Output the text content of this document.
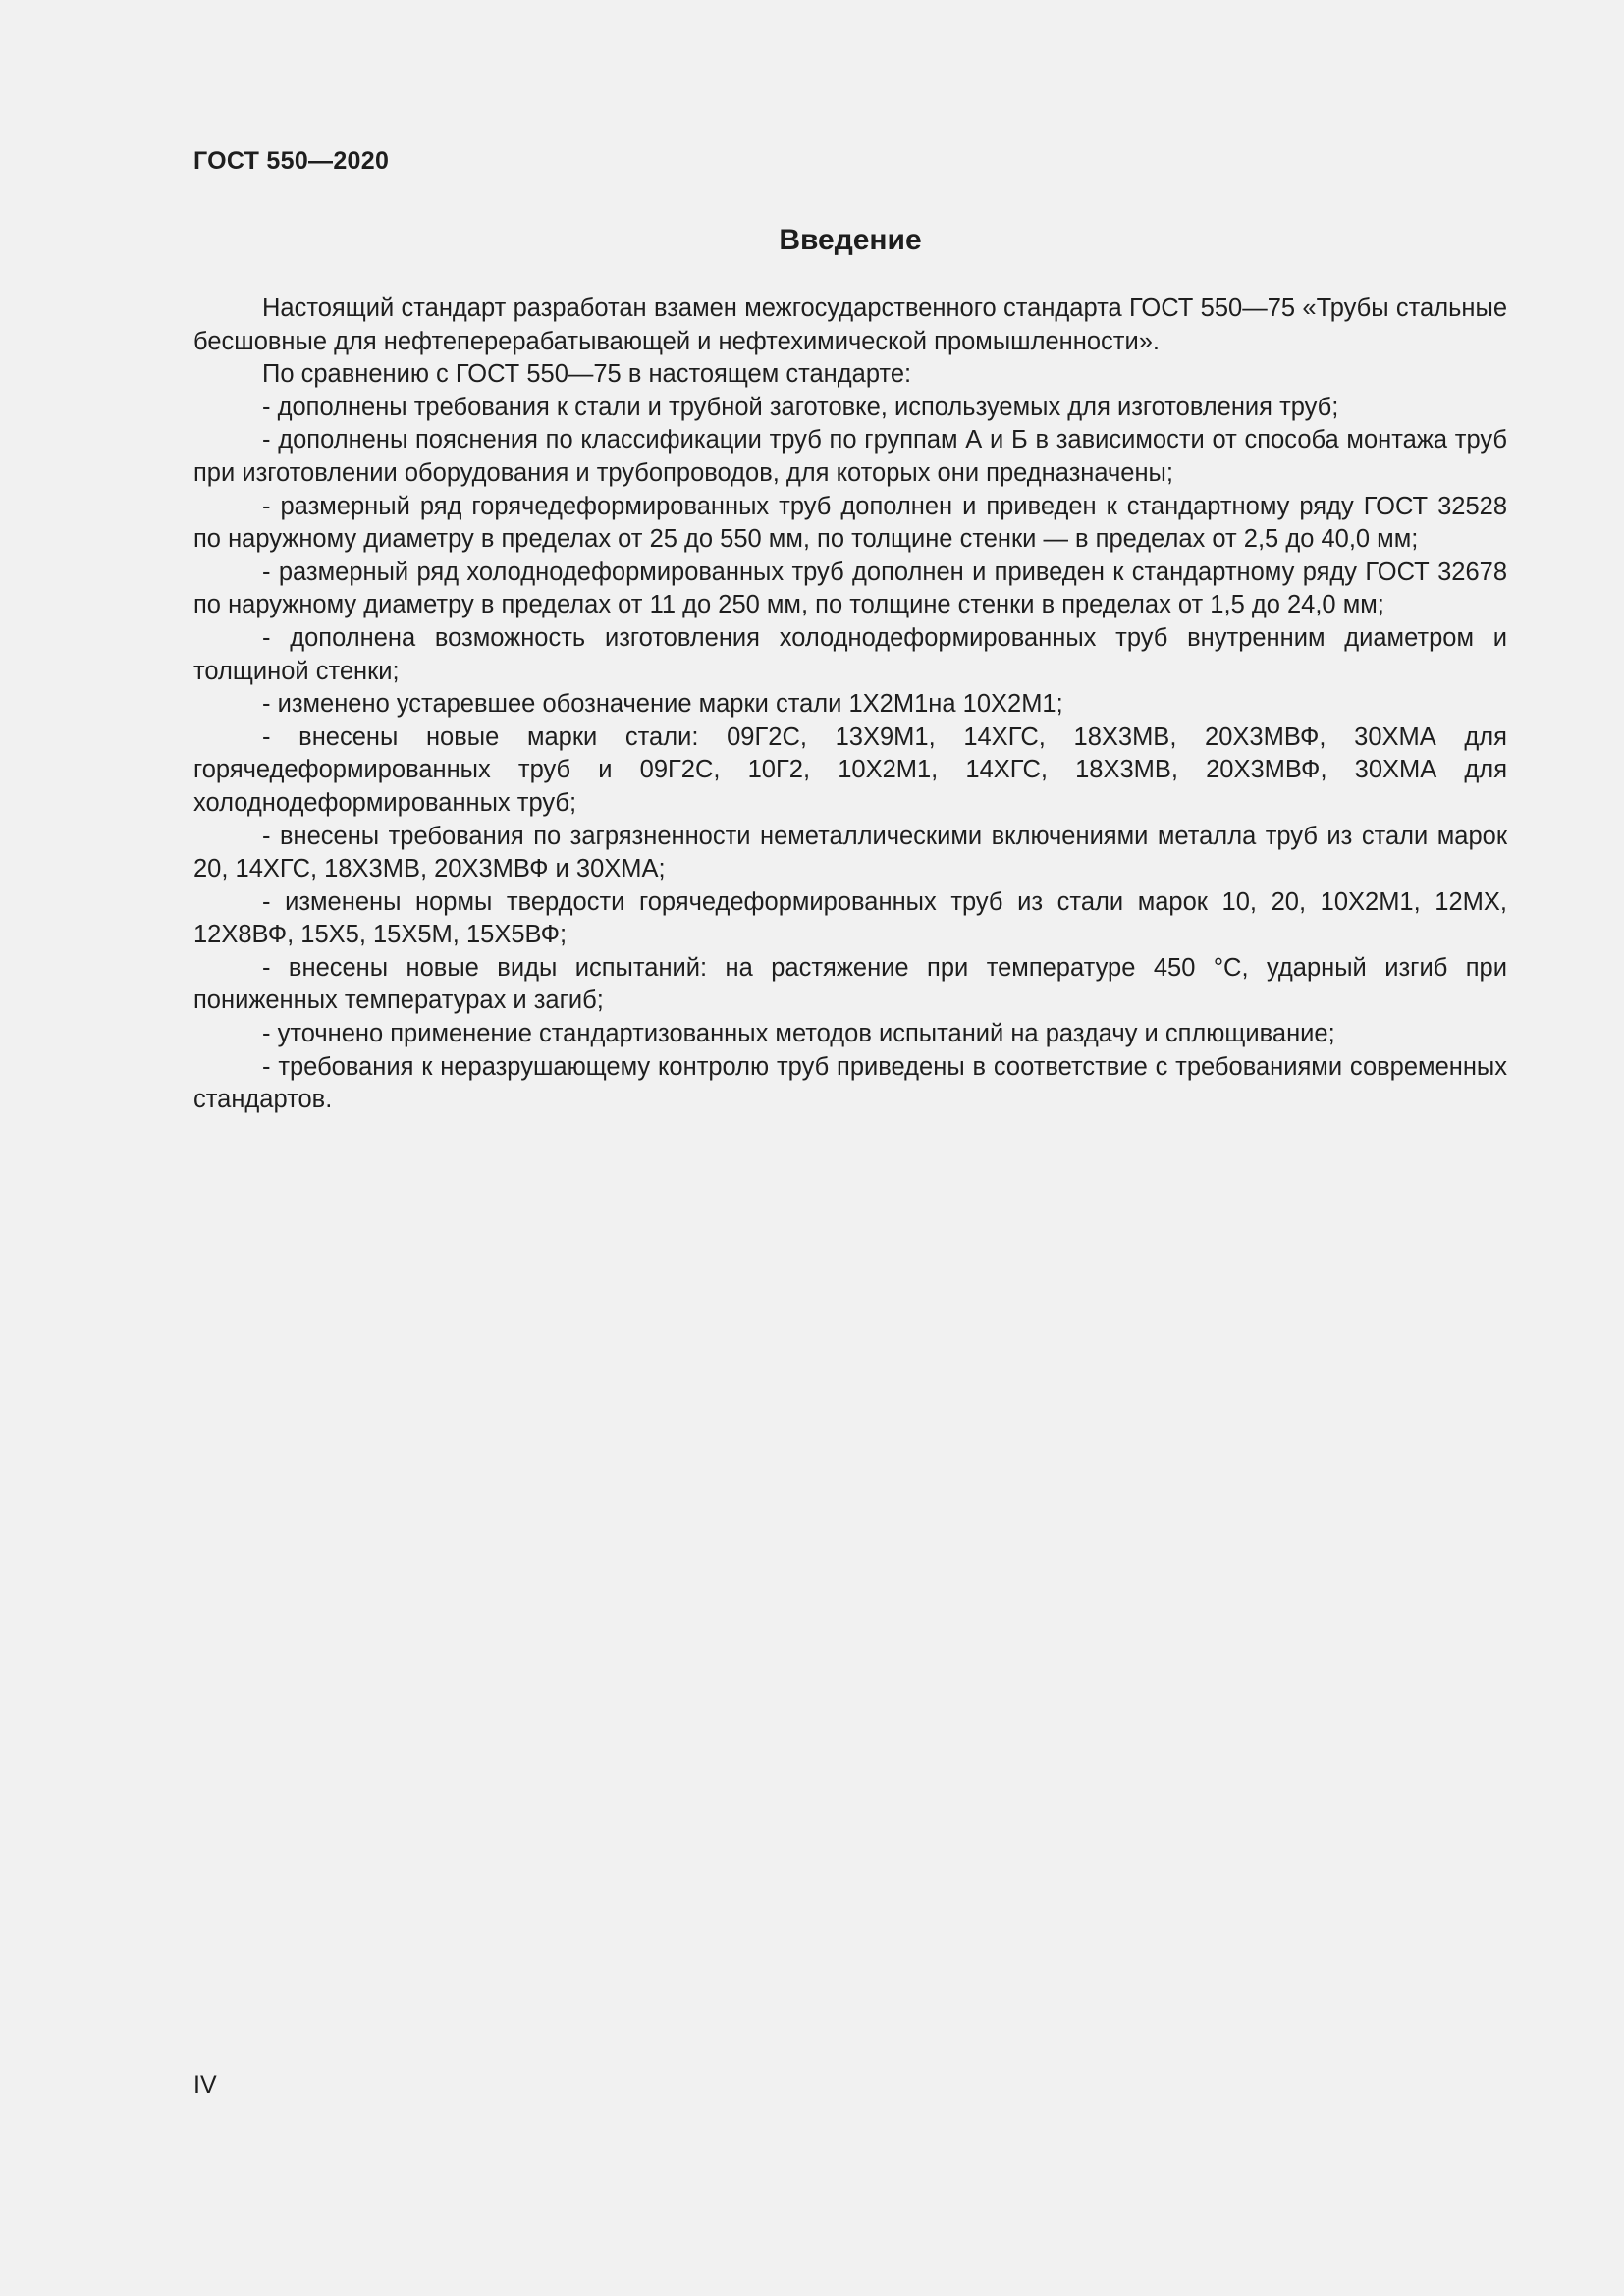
ГОСТ 550—2020
Введение

Настоящий стандарт разработан взамен межгосударственного стандарта ГОСТ 550—75 «Трубы стальные бесшовные для нефтеперерабатывающей и нефтехимической промышленности».

По сравнению с ГОСТ 550—75 в настоящем стандарте:

- дополнены требования к стали и трубной заготовке, используемых для изготовления труб;

- дополнены пояснения по классификации труб по группам А и Б в зависимости от способа монтажа труб при изготовлении оборудования и трубопроводов, для которых они предназначены;

- размерный ряд горячедеформированных труб дополнен и приведен к стандартному ряду ГОСТ 32528 по наружному диаметру в пределах от 25 до 550 мм, по толщине стенки — в пределах от 2,5 до 40,0 мм;

- размерный ряд холоднодеформированных труб дополнен и приведен к стандартному ряду ГОСТ 32678 по наружному диаметру в пределах от 11 до 250 мм, по толщине стенки в пределах от 1,5 до 24,0 мм;

- дополнена возможность изготовления холоднодеформированных труб внутренним диаметром и толщиной стенки;

- изменено устаревшее обозначение марки стали 1Х2М1на 10Х2М1;

- внесены новые марки стали: 09Г2С, 13Х9М1, 14ХГС, 18Х3МВ, 20Х3МВФ, 30ХМА для горячедеформированных труб и 09Г2С, 10Г2, 10Х2М1, 14ХГС, 18Х3МВ, 20Х3МВФ, 30ХМА для холоднодеформированных труб;

- внесены требования по загрязненности неметаллическими включениями металла труб из стали марок 20, 14ХГС, 18Х3МВ, 20Х3МВФ и 30ХМА;

- изменены нормы твердости горячедеформированных труб из стали марок 10, 20, 10Х2М1, 12МХ, 12Х8ВФ, 15Х5, 15Х5М, 15Х5ВФ;

- внесены новые виды испытаний: на растяжение при температуре 450 °С, ударный изгиб при пониженных температурах и загиб;

- уточнено применение стандартизованных методов испытаний на раздачу и сплющивание;

- требования к неразрушающему контролю труб приведены в соответствие с требованиями современных стандартов.

IV
